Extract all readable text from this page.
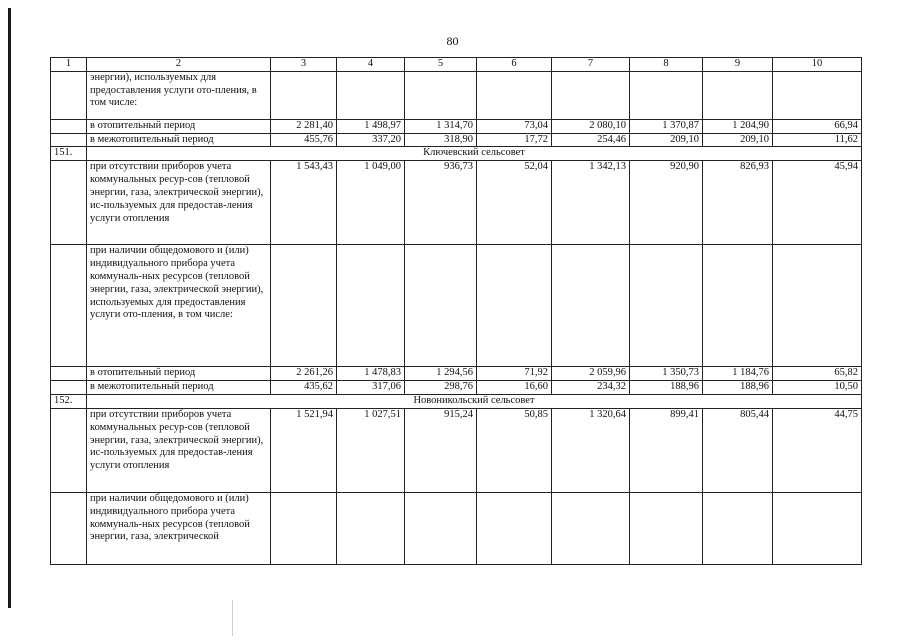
80
1	2	3	4	5	6	7	8	9	10
	энергии), используемых для предоставления услуги ото-пления, в том числе:								
	в отопительный период	2 281,40	1 498,97	1 314,70	73,04	2 080,10	1 370,87	1 204,90	66,94
	в межотопительный период	455,76	337,20	318,90	17,72	254,46	209,10	209,10	11,62
151.	Ключевский сельсовет								
	при отсутствии приборов учета коммунальных ресур-сов (тепловой энергии, газа, электрической энергии), ис-пользуемых для предостав-ления услуги отопления	1 543,43	1 049,00	936,73	52,04	1 342,13	920,90	826,93	45,94
	при наличии общедомового и (или) индивидуального прибора учета коммуналь-ных ресурсов (тепловой энергии, газа, электрической энергии), используемых для предоставления услуги ото-пления, в том числе:								
	в отопительный период	2 261,26	1 478,83	1 294,56	71,92	2 059,96	1 350,73	1 184,76	65,82
	в межотопительный период	435,62	317,06	298,76	16,60	234,32	188,96	188,96	10,50
152.	Новоникольский сельсовет								
	при отсутствии приборов учета коммунальных ресур-сов (тепловой энергии, газа, электрической энергии), ис-пользуемых для предостав-ления услуги отопления	1 521,94	1 027,51	915,24	50,85	1 320,64	899,41	805,44	44,75
	при наличии общедомового и (или) индивидуального прибора учета коммуналь-ных ресурсов (тепловой энергии, газа, электрической								
